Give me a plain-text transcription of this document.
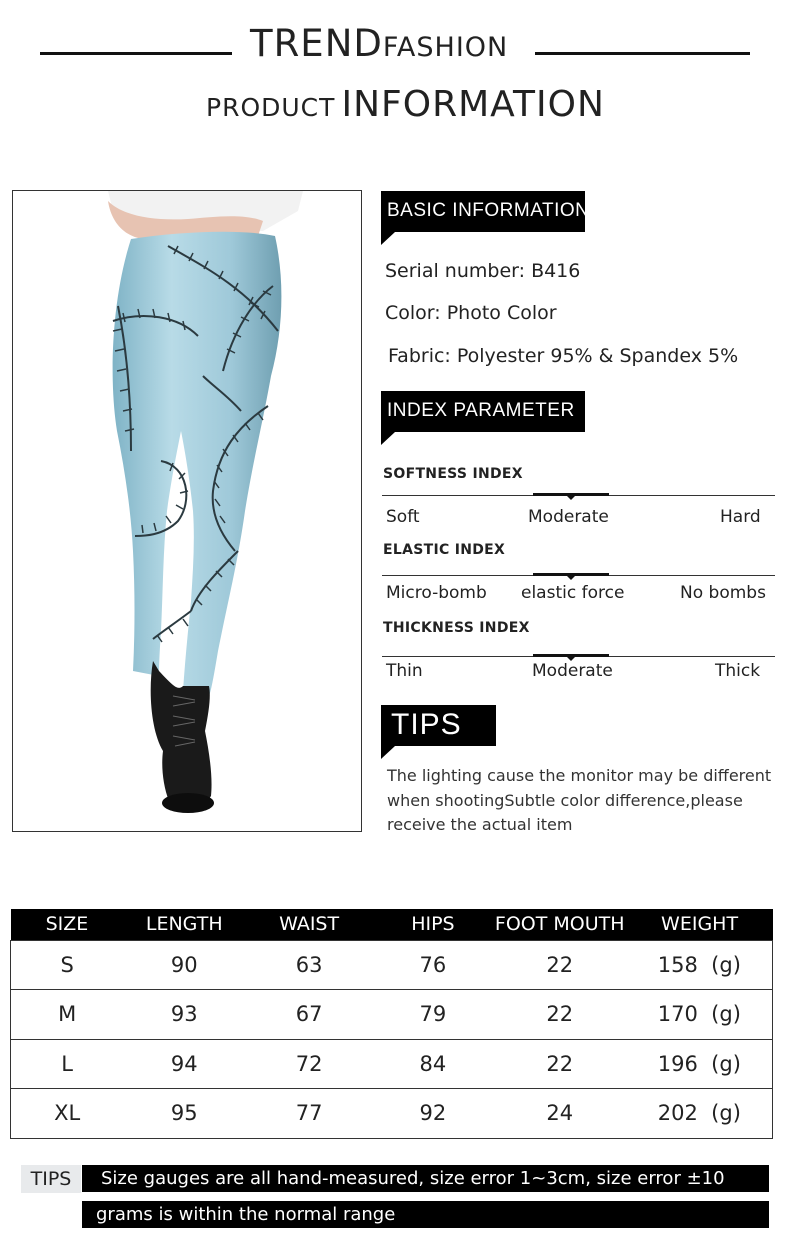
TRENDFASHION
PRODUCT INFORMATION
BASIC INFORMATION
Serial number: B416
Color: Photo Color
Fabric: Polyester 95% & Spandex 5%
INDEX PARAMETER
SOFTNESS INDEX
Soft	Moderate	Hard
ELASTIC INDEX
Micro-bomb elastic force	No bombs
THICKNESS INDEX
Thin	Moderate	Thick
TIPS
The lighting cause the monitor may be different
when shootingSubtle color difference,please
receive the actual item
SIZE	LENGTH	WAIST	HIPS	FOOT MOUTH	WEIGHT
S	90	63	76	22	158  (g)
M	93	67	79	22	170  (g)
L	94	72	84	22	196  (g)
XL	95	77	92	24	202  (g)
TIPS	Size gauges are all hand-measured, size error 1~3cm, size error ±10
grams is within the normal range
